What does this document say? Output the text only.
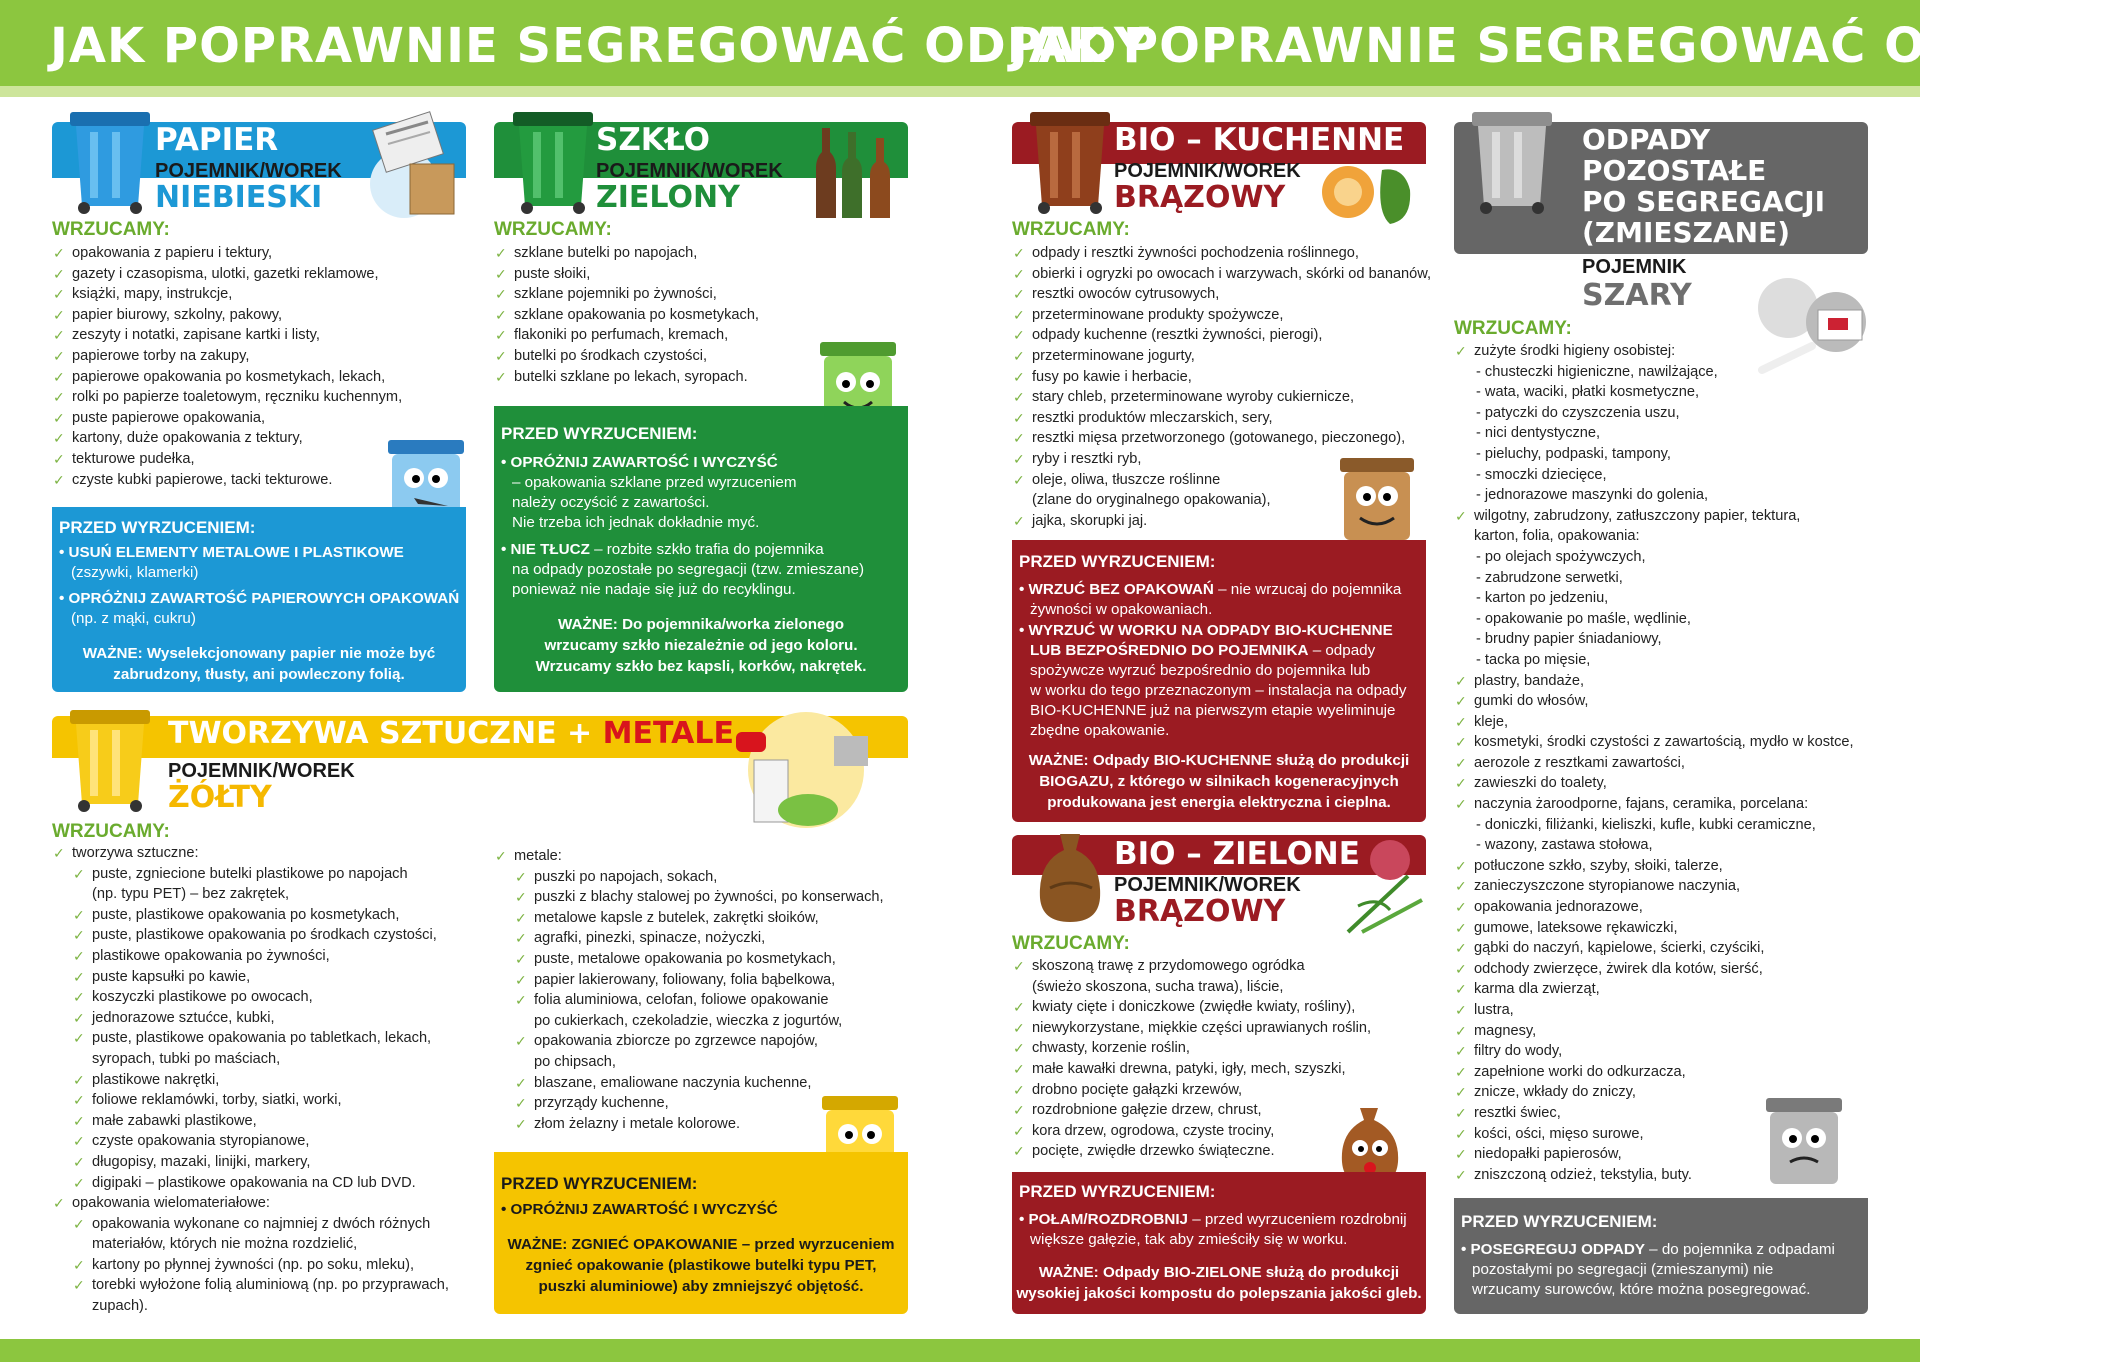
JAK POPRAWNIE SEGREGOWAĆ ODPADY
JAK POPRAWNIE SEGREGOWAĆ ODPADY
PAPIER
POJEMNIK/WOREK
NIEBIESKI
WRZUCAMY:
✓ opakowania z papieru i tektury,
✓ gazety i czasopisma, ulotki, gazetki reklamowe,
✓ książki, mapy, instrukcje,
✓ papier biurowy, szkolny, pakowy,
✓ zeszyty i notatki, zapisane kartki i listy,
✓ papierowe torby na zakupy,
✓ papierowe opakowania po kosmetykach, lekach,
✓ rolki po papierze toaletowym, ręczniku kuchennym,
✓ puste papierowe opakowania,
✓ kartony, duże opakowania z tektury,
✓ tekturowe pudełka,
✓ czyste kubki papierowe, tacki tekturowe.
PRZED WYRZUCENIEM:
• USUŃ ELEMENTY METALOWE I PLASTIKOWE
(zszywki, klamerki)
• OPRÓŻNIJ ZAWARTOŚĆ PAPIEROWYCH OPAKOWAŃ
(np. z mąki, cukru)
WAŻNE: Wyselekcjonowany papier nie może być
zabrudzony, tłusty, ani powleczony folią.
SZKŁO
POJEMNIK/WOREK
ZIELONY
WRZUCAMY:
✓ szklane butelki po napojach,
✓ puste słoiki,
✓ szklane pojemniki po żywności,
✓ szklane opakowania po kosmetykach,
✓ flakoniki po perfumach, kremach,
✓ butelki po środkach czystości,
✓ butelki szklane po lekach, syropach.
PRZED WYRZUCENIEM:
• OPRÓŻNIJ ZAWARTOŚĆ I WYCZYŚĆ
– opakowania szklane przed wyrzuceniem
należy oczyścić z zawartości.
Nie trzeba ich jednak dokładnie myć.
• NIE TŁUCZ – rozbite szkło trafia do pojemnika
na odpady pozostałe po segregacji (tzw. zmieszane)
ponieważ nie nadaje się już do recyklingu.
WAŻNE: Do pojemnika/worka zielonego
wrzucamy szkło niezależnie od jego koloru.
Wrzucamy szkło bez kapsli, korków, nakrętek.
TWORZYWA SZTUCZNE + METALE
POJEMNIK/WOREK
ŻÓŁTY
WRZUCAMY:
✓ tworzywa sztuczne:
✓ puste, zgniecione butelki plastikowe po napojach
(np. typu PET) – bez zakrętek,
✓ puste, plastikowe opakowania po kosmetykach,
✓ puste, plastikowe opakowania po środkach czystości,
✓ plastikowe opakowania po żywności,
✓ puste kapsułki po kawie,
✓ koszyczki plastikowe po owocach,
✓ jednorazowe sztućce, kubki,
✓ puste, plastikowe opakowania po tabletkach, lekach,
syropach, tubki po maściach,
✓ plastikowe nakrętki,
✓ foliowe reklamówki, torby, siatki, worki,
✓ małe zabawki plastikowe,
✓ czyste opakowania styropianowe,
✓ długopisy, mazaki, linijki, markery,
✓ digipaki – plastikowe opakowania na CD lub DVD.
✓ opakowania wielomateriałowe:
✓ opakowania wykonane co najmniej z dwóch różnych
materiałów, których nie można rozdzielić,
✓ kartony po płynnej żywności (np. po soku, mleku),
✓ torebki wyłożone folią aluminiową (np. po przyprawach,
zupach).
✓ metale:
✓ puszki po napojach, sokach,
✓ puszki z blachy stalowej po żywności, po konserwach,
✓ metalowe kapsle z butelek, zakrętki słoików,
✓ agrafki, pinezki, spinacze, nożyczki,
✓ puste, metalowe opakowania po kosmetykach,
✓ papier lakierowany, foliowany, folia bąbelkowa,
✓ folia aluminiowa, celofan, foliowe opakowanie
po cukierkach, czekoladzie, wieczka z jogurtów,
✓ opakowania zbiorcze po zgrzewce napojów,
po chipsach,
✓ blaszane, emaliowane naczynia kuchenne,
✓ przyrządy kuchenne,
✓ złom żelazny i metale kolorowe.
PRZED WYRZUCENIEM:
• OPRÓŻNIJ ZAWARTOŚĆ I WYCZYŚĆ
WAŻNE: ZGNIEĆ OPAKOWANIE – przed wyrzuceniem
zgnieć opakowanie (plastikowe butelki typu PET,
puszki aluminiowe) aby zmniejszyć objętość.
BIO – KUCHENNE
POJEMNIK/WOREK
BRĄZOWY
WRZUCAMY:
✓ odpady i resztki żywności pochodzenia roślinnego,
✓ obierki i ogryzki po owocach i warzywach, skórki od bananów,
✓ resztki owoców cytrusowych,
✓ przeterminowane produkty spożywcze,
✓ odpady kuchenne (resztki żywności, pierogi),
✓ przeterminowane jogurty,
✓ fusy po kawie i herbacie,
✓ stary chleb, przeterminowane wyroby cukiernicze,
✓ resztki produktów mleczarskich, sery,
✓ resztki mięsa przetworzonego (gotowanego, pieczonego),
✓ ryby i resztki ryb,
✓ oleje, oliwa, tłuszcze roślinne
(zlane do oryginalnego opakowania),
✓ jajka, skorupki jaj.
PRZED WYRZUCENIEM:
• WRZUĆ BEZ OPAKOWAŃ – nie wrzucaj do pojemnika
żywności w opakowaniach.
• WYRZUĆ W WORKU NA ODPADY BIO-KUCHENNE
LUB BEZPOŚREDNIO DO POJEMNIKA – odpady
spożywcze wyrzuć bezpośrednio do pojemnika lub
w worku do tego przeznaczonym – instalacja na odpady
BIO-KUCHENNE już na pierwszym etapie wyeliminuje
zbędne opakowanie.
WAŻNE: Odpady BIO-KUCHENNE służą do produkcji
BIOGAZU, z którego w silnikach kogeneracyjnych
produkowana jest energia elektryczna i cieplna.
BIO – ZIELONE
POJEMNIK/WOREK
BRĄZOWY
WRZUCAMY:
✓ skoszoną trawę z przydomowego ogródka
(świeżo skoszona, sucha trawa), liście,
✓ kwiaty cięte i doniczkowe (zwiędłe kwiaty, rośliny),
✓ niewykorzystane, miękkie części uprawianych roślin,
✓ chwasty, korzenie roślin,
✓ małe kawałki drewna, patyki, igły, mech, szyszki,
✓ drobno pocięte gałązki krzewów,
✓ rozdrobnione gałęzie drzew, chrust,
✓ kora drzew, ogrodowa, czyste trociny,
✓ pocięte, zwiędłe drzewko świąteczne.
PRZED WYRZUCENIEM:
• POŁAM/ROZDROBNIJ – przed wyrzuceniem rozdrobnij
większe gałęzie, tak aby zmieściły się w worku.
WAŻNE: Odpady BIO-ZIELONE służą do produkcji
wysokiej jakości kompostu do polepszania jakości gleb.
ODPADY
POZOSTAŁE
PO SEGREGACJI
(ZMIESZANE)
POJEMNIK
SZARY
WRZUCAMY:
✓ zużyte środki higieny osobistej:
- chusteczki higieniczne, nawilżające,
- wata, waciki, płatki kosmetyczne,
- patyczki do czyszczenia uszu,
- nici dentystyczne,
- pieluchy, podpaski, tampony,
- smoczki dziecięce,
- jednorazowe maszynki do golenia,
✓ wilgotny, zabrudzony, zatłuszczony papier, tektura,
karton, folia, opakowania:
- po olejach spożywczych,
- zabrudzone serwetki,
- karton po jedzeniu,
- opakowanie po maśle, wędlinie,
- brudny papier śniadaniowy,
- tacka po mięsie,
✓ plastry, bandaże,
✓ gumki do włosów,
✓ kleje,
✓ kosmetyki, środki czystości z zawartością, mydło w kostce,
✓ aerozole z resztkami zawartości,
✓ zawieszki do toalety,
✓ naczynia żaroodporne, fajans, ceramika, porcelana:
- doniczki, filiżanki, kieliszki, kufle, kubki ceramiczne,
- wazony, zastawa stołowa,
✓ potłuczone szkło, szyby, słoiki, talerze,
✓ zanieczyszczone styropianowe naczynia,
✓ opakowania jednorazowe,
✓ gumowe, lateksowe rękawiczki,
✓ gąbki do naczyń, kąpielowe, ścierki, czyściki,
✓ odchody zwierzęce, żwirek dla kotów, sierść,
✓ karma dla zwierząt,
✓ lustra,
✓ magnesy,
✓ filtry do wody,
✓ zapełnione worki do odkurzacza,
✓ znicze, wkłady do zniczy,
✓ resztki świec,
✓ kości, ości, mięso surowe,
✓ niedopałki papierosów,
✓ zniszczoną odzież, tekstylia, buty.
PRZED WYRZUCENIEM:
• POSEGREGUJ ODPADY – do pojemnika z odpadami
pozostałymi po segregacji (zmieszanymi) nie
wrzucamy surowców, które można posegregować.
